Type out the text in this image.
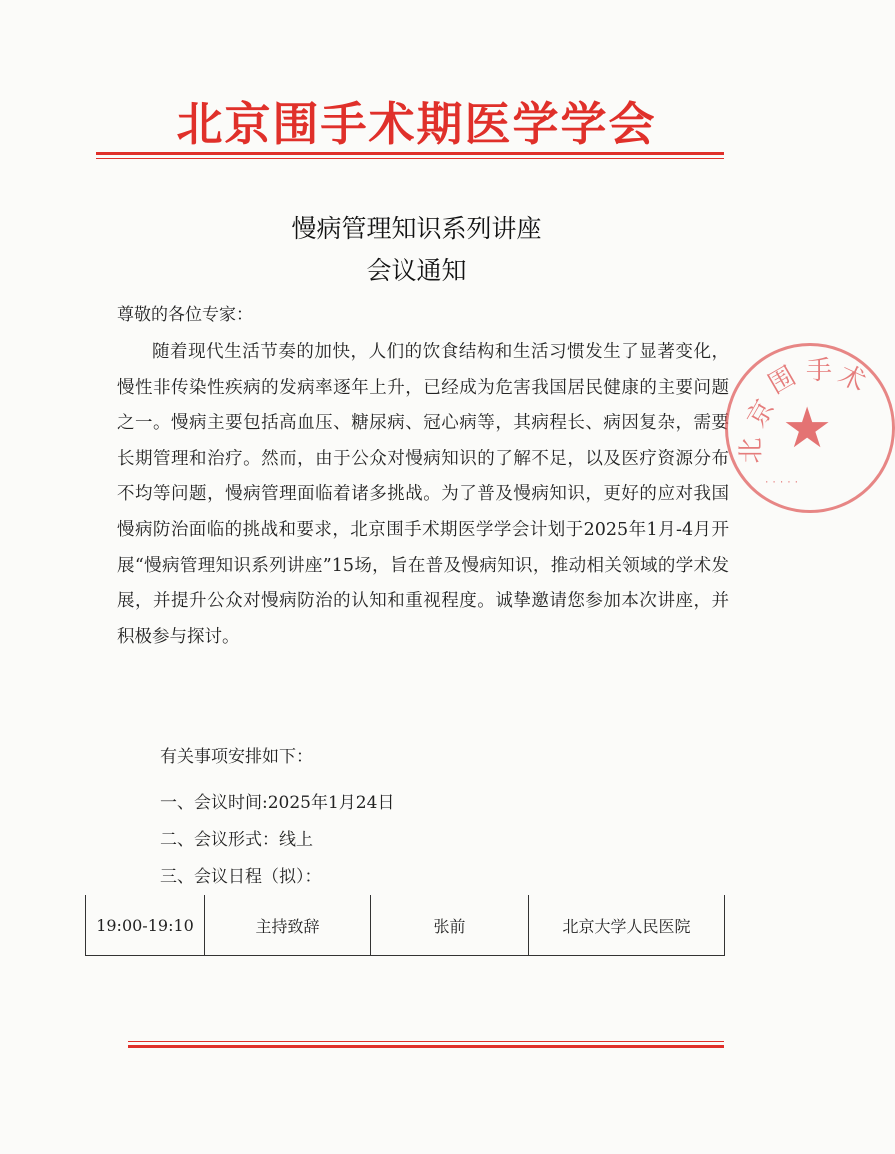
北京围手术期医学学会
慢病管理知识系列讲座
会议通知
尊敬的各位专家：
随着现代生活节奏的加快，人们的饮食结构和生活习惯发生了显著变化，慢性非传染性疾病的发病率逐年上升，已经成为危害我国居民健康的主要问题之一。慢病主要包括高血压、糖尿病、冠心病等，其病程长、病因复杂，需要长期管理和治疗。然而，由于公众对慢病知识的了解不足，以及医疗资源分布不均等问题，慢病管理面临着诸多挑战。为了普及慢病知识，更好的应对我国慢病防治面临的挑战和要求，北京围手术期医学学会计划于2025年1月-4月开展“慢病管理知识系列讲座”15场，旨在普及慢病知识，推动相关领域的学术发展，并提升公众对慢病防治的认知和重视程度。诚挚邀请您参加本次讲座，并积极参与探讨。
有关事项安排如下：
一、会议时间:2025年1月24日
二、会议形式：线上
三、会议日程（拟）：
19:00-19:10	主持致辞	张前	北京大学人民医院
北
京
围 手 术
★
·····
